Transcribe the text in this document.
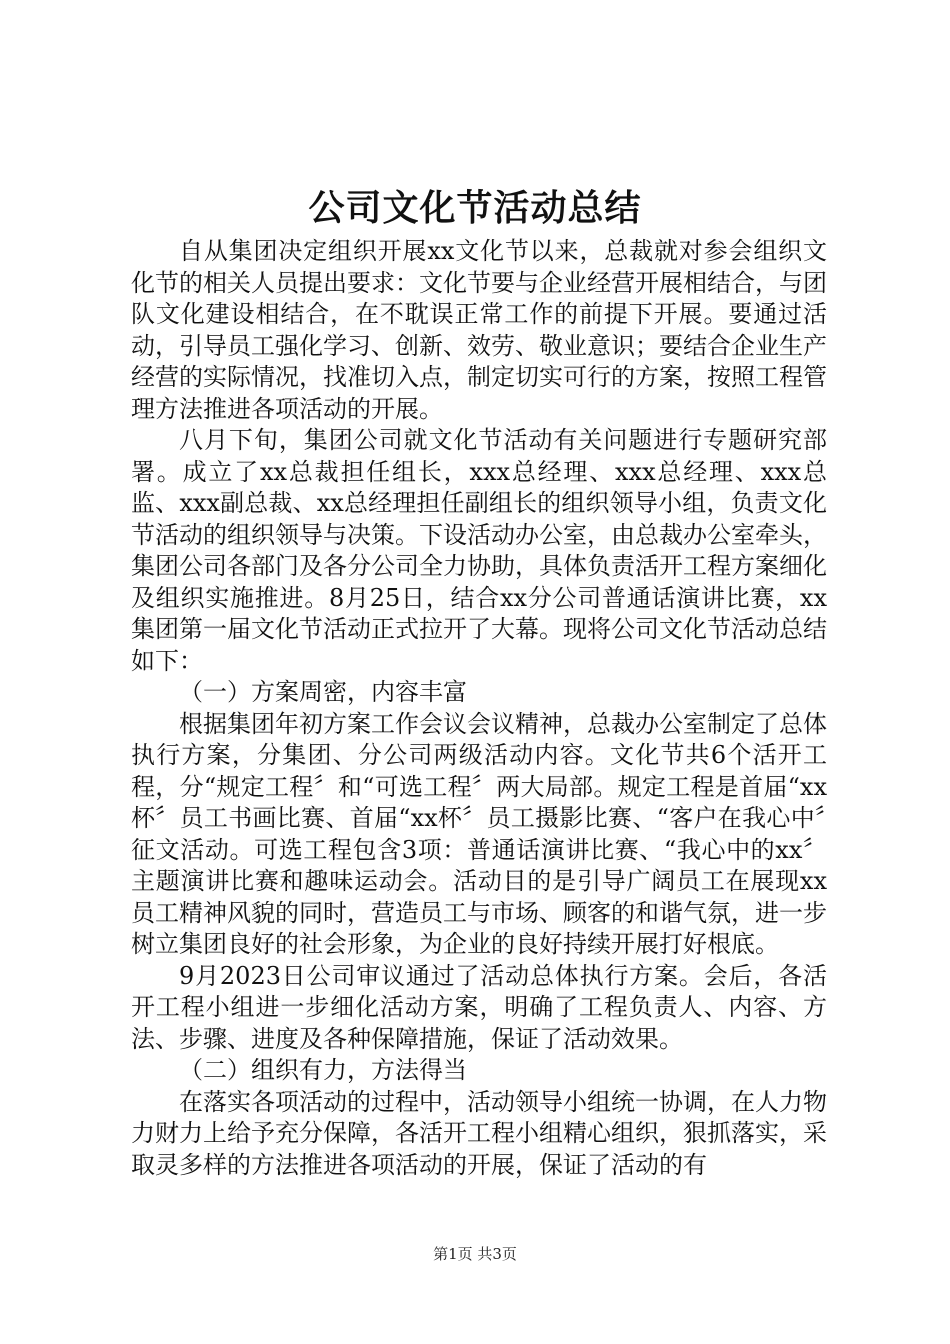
公司文化节活动总结

自从集团决定组织开展xx文化节以来，总裁就对参会组织文化节的相关人员提出要求：文化节要与企业经营开展相结合，与团队文化建设相结合，在不耽误正常工作的前提下开展。要通过活动，引导员工强化学习、创新、效劳、敬业意识；要结合企业生产经营的实际情况，找准切入点，制定切实可行的方案，按照工程管理方法推进各项活动的开展。

八月下旬，集团公司就文化节活动有关问题进行专题研究部署。成立了xx总裁担任组长，xxx总经理、xxx总经理、xxx总监、xxx副总裁、xx总经理担任副组长的组织领导小组，负责文化节活动的组织领导与决策。下设活动办公室，由总裁办公室牵头，集团公司各部门及各分公司全力协助，具体负责活开工程方案细化及组织实施推进。8月25日，结合xx分公司普通话演讲比赛，xx集团第一届文化节活动正式拉开了大幕。现将公司文化节活动总结如下：

（一）方案周密，内容丰富

根据集团年初方案工作会议会议精神，总裁办公室制定了总体执行方案，分集团、分公司两级活动内容。文化节共6个活开工程，分“规定工程〞和“可选工程〞两大局部。规定工程是首届“xx杯〞员工书画比赛、首届“xx杯〞员工摄影比赛、“客户在我心中〞征文活动。可选工程包含3项：普通话演讲比赛、“我心中的xx〞主题演讲比赛和趣味运动会。活动目的是引导广阔员工在展现xx员工精神风貌的同时，营造员工与市场、顾客的和谐气氛，进一步树立集团良好的社会形象，为企业的良好持续开展打好根底。

9月2023日公司审议通过了活动总体执行方案。会后，各活开工程小组进一步细化活动方案，明确了工程负责人、内容、方法、步骤、进度及各种保障措施，保证了活动效果。

（二）组织有力，方法得当

在落实各项活动的过程中，活动领导小组统一协调，在人力物力财力上给予充分保障，各活开工程小组精心组织，狠抓落实，采取灵多样的方法推进各项活动的开展，保证了活动的有

第1页 共3页
